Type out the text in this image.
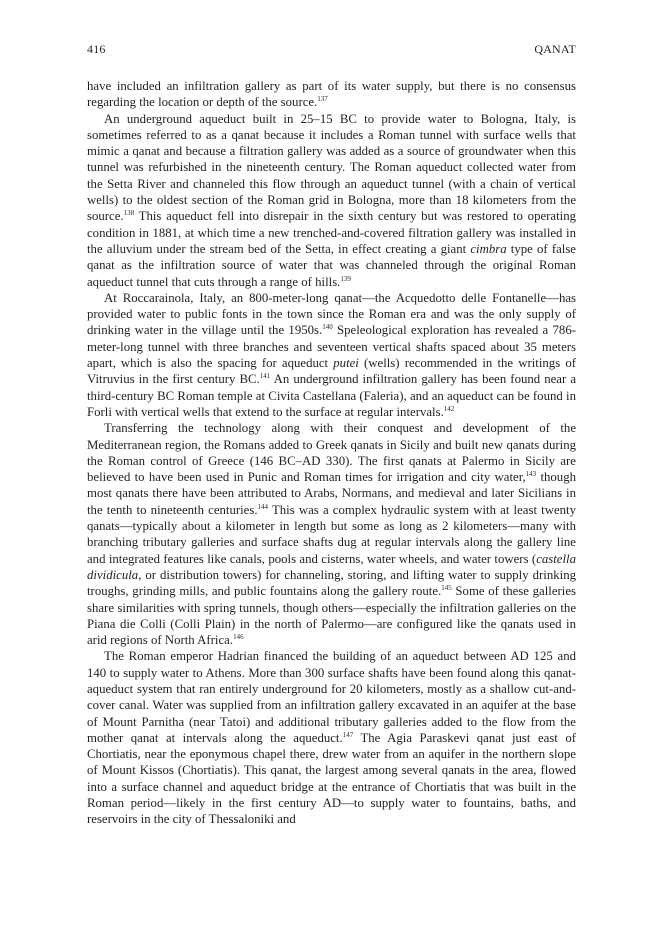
416	QANAT

have included an infiltration gallery as part of its water supply, but there is no consensus regarding the location or depth of the source.$^{137}$

An underground aqueduct built in 25–15 BC to provide water to Bologna, Italy, is sometimes referred to as a qanat because it includes a Roman tunnel with surface wells that mimic a qanat and because a filtration gallery was added as a source of groundwater when this tunnel was refurbished in the nineteenth century. The Roman aqueduct collected water from the Setta River and channeled this flow through an aqueduct tunnel (with a chain of vertical wells) to the oldest section of the Roman grid in Bologna, more than 18 kilometers from the source.$^{138}$ This aqueduct fell into disrepair in the sixth century but was restored to operating condition in 1881, at which time a new trenched-and-covered filtration gallery was installed in the alluvium under the stream bed of the Setta, in effect creating a giant cimbra type of false qanat as the infiltration source of water that was channeled through the original Roman aqueduct tunnel that cuts through a range of hills.$^{139}$

At Roccarainola, Italy, an 800-meter-long qanat—the Acquedotto delle Fontanelle—has provided water to public fonts in the town since the Roman era and was the only supply of drinking water in the village until the 1950s.$^{140}$ Speleological exploration has revealed a 786-meter-long tunnel with three branches and seventeen vertical shafts spaced about 35 meters apart, which is also the spacing for aqueduct putei (wells) recommended in the writings of Vitruvius in the first century BC.$^{141}$ An underground infiltration gallery has been found near a third-century BC Roman temple at Civita Castellana (Faleria), and an aqueduct can be found in Forli with vertical wells that extend to the surface at regular intervals.$^{142}$

Transferring the technology along with their conquest and development of the Mediterranean region, the Romans added to Greek qanats in Sicily and built new qanats during the Roman control of Greece (146 BC–AD 330). The first qanats at Palermo in Sicily are believed to have been used in Punic and Roman times for irrigation and city water,$^{143}$ though most qanats there have been attributed to Arabs, Normans, and medieval and later Sicilians in the tenth to nineteenth centuries.$^{144}$ This was a complex hydraulic system with at least twenty qanats—typically about a kilometer in length but some as long as 2 kilometers—many with branching tributary galleries and surface shafts dug at regular intervals along the gallery line and integrated features like canals, pools and cisterns, water wheels, and water towers (castella dividicula, or distribution towers) for channeling, storing, and lifting water to supply drinking troughs, grinding mills, and public fountains along the gallery route.$^{145}$ Some of these galleries share similarities with spring tunnels, though others—especially the infiltration galleries on the Piana die Colli (Colli Plain) in the north of Palermo—are configured like the qanats used in arid regions of North Africa.$^{146}$

The Roman emperor Hadrian financed the building of an aqueduct between AD 125 and 140 to supply water to Athens. More than 300 surface shafts have been found along this qanat-aqueduct system that ran entirely underground for 20 kilometers, mostly as a shallow cut-and-cover canal. Water was supplied from an infiltration gallery excavated in an aquifer at the base of Mount Parnitha (near Tatoi) and additional tributary galleries added to the flow from the mother qanat at intervals along the aqueduct.$^{147}$ The Agia Paraskevi qanat just east of Chortiatis, near the eponymous chapel there, drew water from an aquifer in the northern slope of Mount Kissos (Chortiatis). This qanat, the largest among several qanats in the area, flowed into a surface channel and aqueduct bridge at the entrance of Chortiatis that was built in the Roman period—likely in the first century AD—to supply water to fountains, baths, and reservoirs in the city of Thessaloniki and
